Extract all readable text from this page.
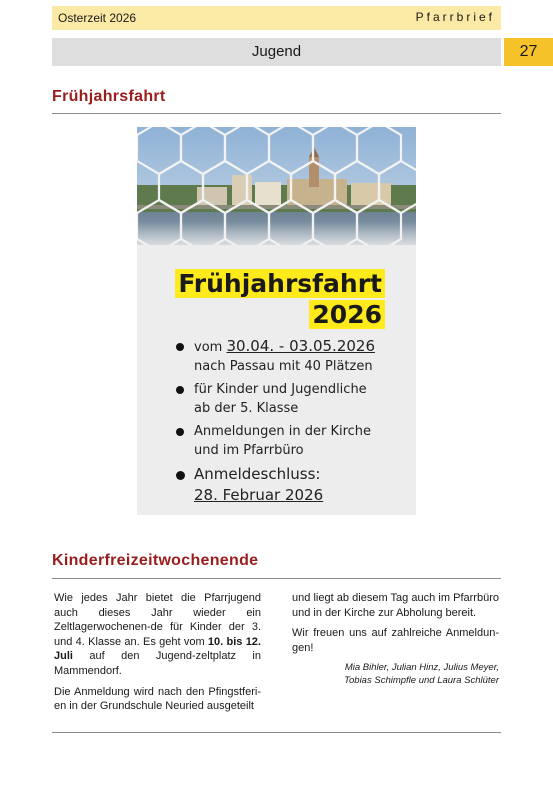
Osterzeit 2026	Pfarrbrief
Jugend	27
Frühjahrsfahrt
Frühjahrsfahrt
2026
vom 30.04. - 03.05.2026
nach Passau mit 40 Plätzen
für Kinder und Jugendliche
ab der 5. Klasse
Anmeldungen in der Kirche
und im Pfarrbüro
Anmeldeschluss:
28. Februar 2026
Kinderfreizeitwochenende

Wie jedes Jahr bietet die Pfarrjugend auch dieses Jahr wieder ein Zeltlagerwochenen-de für Kinder der 3. und 4. Klasse an. Es geht vom 10. bis 12. Juli auf den Jugend-zeltplatz in Mammendorf.

Die Anmeldung wird nach den Pfingstferi-en in der Grundschule Neuried ausgeteilt

und liegt ab diesem Tag auch im Pfarrbüro und in der Kirche zur Abholung bereit.

Wir freuen uns auf zahlreiche Anmeldun-gen!

Mia Bihler, Julian Hinz, Julius Meyer,
Tobias Schimpfle und Laura Schlüter
